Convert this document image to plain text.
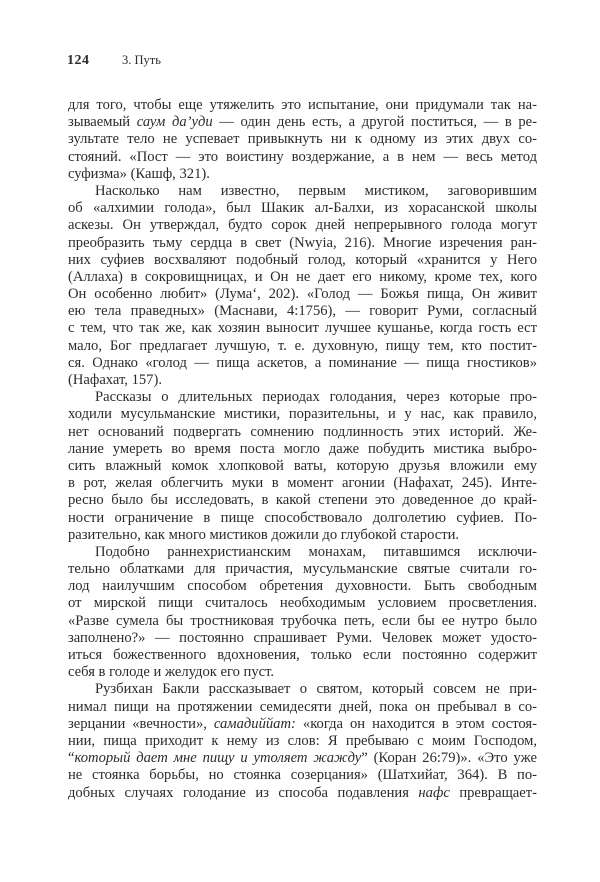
124	3. Путь
для того, чтобы еще утяжелить это испытание, они придумали так на-
зываемый саум да’уди — один день есть, а другой поститься, — в ре-
зультате тело не успевает привыкнуть ни к одному из этих двух со-
стояний. «Пост — это воистину воздержание, а в нем — весь метод
суфизма» (Кашф, 321).
Насколько нам известно, первым мистиком, заговорившим
об «алхимии голода», был Шакик ал-Балхи, из хорасанской школы
аскезы. Он утверждал, будто сорок дней непрерывного голода могут
преобразить тьму сердца в свет (Nwyia, 216). Многие изречения ран-
них суфиев восхваляют подобный голод, который «хранится у Него
(Аллаха) в сокровищницах, и Он не дает его никому, кроме тех, кого
Он особенно любит» (Лума‘, 202). «Голод — Божья пища, Он живит
ею тела праведных» (Маснави, 4:1756), — говорит Руми, согласный
с тем, что так же, как хозяин выносит лучшее кушанье, когда гость ест
мало, Бог предлагает лучшую, т. е. духовную, пищу тем, кто постит-
ся. Однако «голод — пища аскетов, а поминание — пища гностиков»
(Нафахат, 157).
Рассказы о длительных периодах голодания, через которые про-
ходили мусульманские мистики, поразительны, и у нас, как правило,
нет оснований подвергать сомнению подлинность этих историй. Же-
лание умереть во время поста могло даже побудить мистика выбро-
сить влажный комок хлопковой ваты, которую друзья вложили ему
в рот, желая облегчить муки в момент агонии (Нафахат, 245). Инте-
ресно было бы исследовать, в какой степени это доведенное до край-
ности ограничение в пище способствовало долголетию суфиев. По-
разительно, как много мистиков дожили до глубокой старости.
Подобно раннехристианским монахам, питавшимся исключи-
тельно облатками для причастия, мусульманские святые считали го-
лод наилучшим способом обретения духовности. Быть свободным
от мирской пищи считалось необходимым условием просветления.
«Разве сумела бы тростниковая трубочка петь, если бы ее нутро было
заполнено?» — постоянно спрашивает Руми. Человек может удосто-
иться божественного вдохновения, только если постоянно содержит
себя в голоде и желудок его пуст.
Рузбихан Бакли рассказывает о святом, который совсем не при-
нимал пищи на протяжении семидесяти дней, пока он пребывал в со-
зерцании «вечности», самадиййат: «когда он находится в этом состоя-
нии, пища приходит к нему из слов: Я пребываю с моим Господом,
“который дает мне пищу и утоляет жажду” (Коран 26:79)». «Это уже
не стоянка борьбы, но стоянка созерцания» (Шатхийат, 364). В по-
добных случаях голодание из способа подавления нафс превращает-
